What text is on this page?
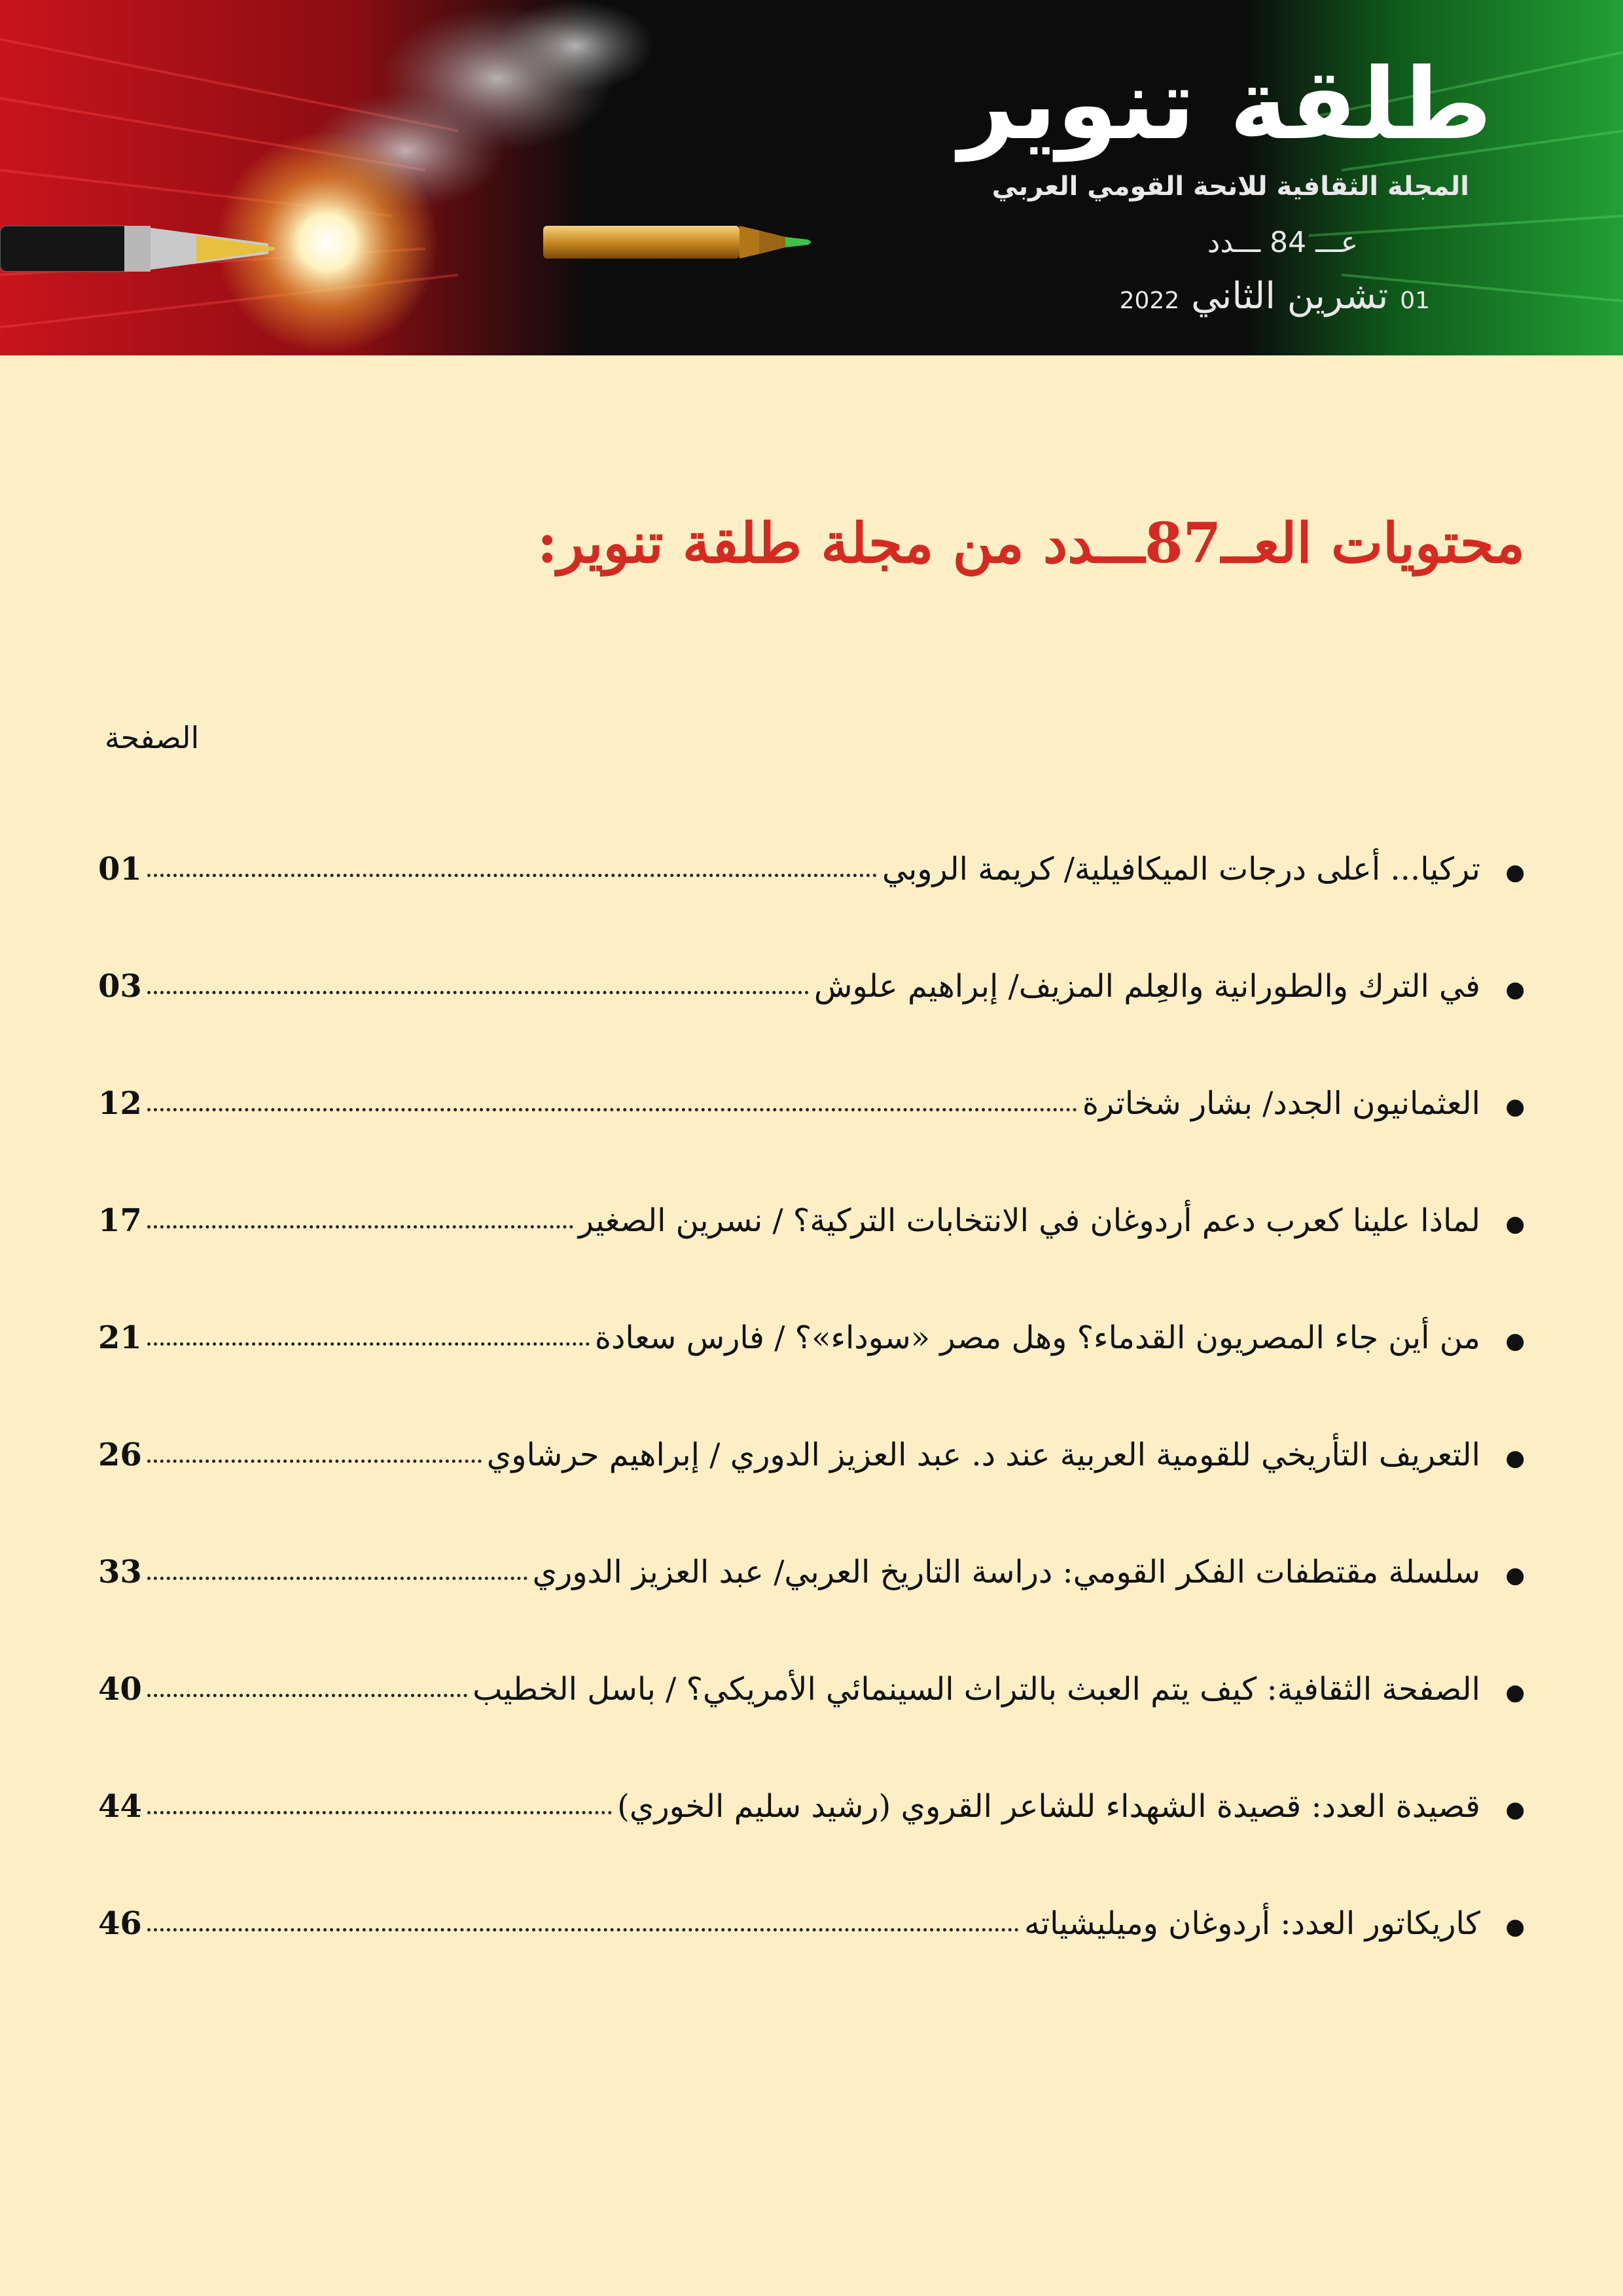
طلقة تنوير
المجلة الثقافية للانحة القومي العربي
عـــ 84 ـــدد
01 تشرين الثاني 2022
محتويات العــ87ـــدد من مجلة طلقة تنوير:
الصفحة
●
تركيا... أعلى درجات الميكافيلية/ كريمة الروبي
01
●
في الترك والطورانية والعِلم المزيف/ إبراهيم علوش
03
●
العثمانيون الجدد/ بشار شخاترة
12
●
لماذا علينا كعرب دعم أردوغان في الانتخابات التركية؟ / نسرين الصغير
17
●
من أين جاء المصريون القدماء؟ وهل مصر «سوداء»؟ / فارس سعادة
21
●
التعريف التأريخي للقومية العربية عند د. عبد العزيز الدوري / إبراهيم حرشاوي
26
●
سلسلة مقتطفات الفكر القومي: دراسة التاريخ العربي/ عبد العزيز الدوري
33
●
الصفحة الثقافية: كيف يتم العبث بالتراث السينمائي الأمريكي؟ / باسل الخطيب
40
●
قصيدة العدد: قصيدة الشهداء للشاعر القروي (رشيد سليم الخوري)
44
●
كاريكاتور العدد: أردوغان وميليشياته
46
